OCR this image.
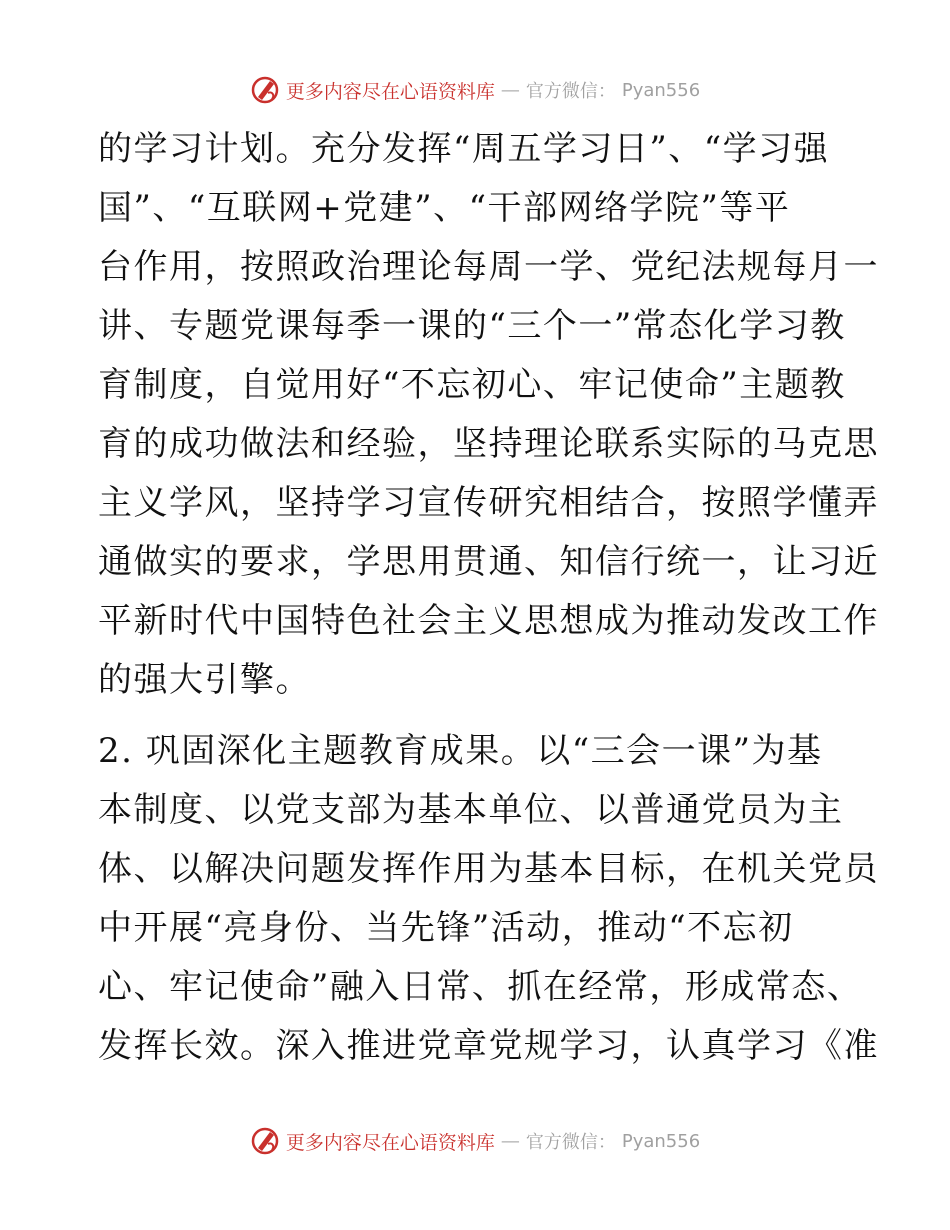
更多内容尽在心语资料库 — 官方微信： Pyan556
的学习计划。充分发挥“周五学习日”、“学习强
国”、“互联网+党建”、“干部网络学院”等平
台作用，按照政治理论每周一学、党纪法规每月一
讲、专题党课每季一课的“三个一”常态化学习教
育制度，自觉用好“不忘初心、牢记使命”主题教
育的成功做法和经验，坚持理论联系实际的马克思
主义学风，坚持学习宣传研究相结合，按照学懂弄
通做实的要求，学思用贯通、知信行统一，让习近
平新时代中国特色社会主义思想成为推动发改工作
的强大引擎。
2. 巩固深化主题教育成果。以“三会一课”为基
本制度、以党支部为基本单位、以普通党员为主
体、以解决问题发挥作用为基本目标，在机关党员
中开展“亮身份、当先锋”活动，推动“不忘初
心、牢记使命”融入日常、抓在经常，形成常态、
发挥长效。深入推进党章党规学习，认真学习《准
更多内容尽在心语资料库 — 官方微信： Pyan556
